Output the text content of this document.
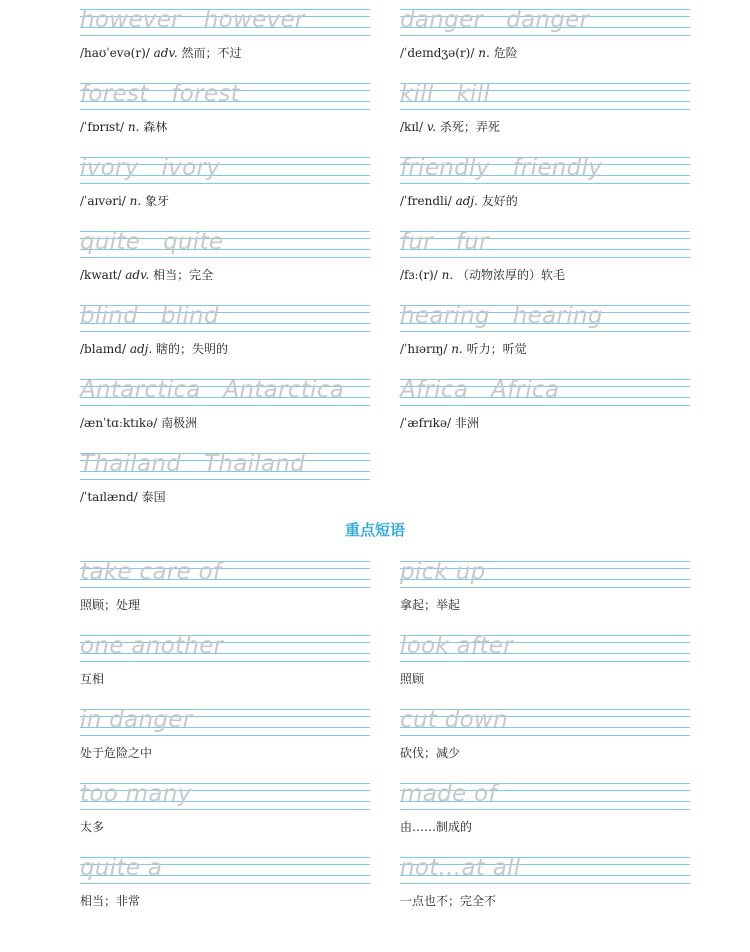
however   however
/haʊˈevə(r)/ adv. 然而；不过
forest   forest
/ˈfɒrɪst/ n. 森林
ivory   ivory
/ˈaɪvəri/ n. 象牙
quite   quite
/kwaɪt/ adv. 相当；完全
blind   blind
/blaɪnd/ adj. 瞎的；失明的
Antarctica   Antarctica
/ænˈtɑːktɪkə/ 南极洲
Thailand   Thailand
/ˈtaɪlænd/ 泰国
danger   danger
/ˈdeɪndʒə(r)/ n. 危险
kill   kill
/kɪl/ v. 杀死；弄死
friendly   friendly
/ˈfrendli/ adj. 友好的
fur   fur
/fɜː(r)/ n. （动物浓厚的）软毛
hearing   hearing
/ˈhɪərɪŋ/ n. 听力；听觉
Africa   Africa
/ˈæfrɪkə/ 非洲
重点短语
take care of
照顾；处理
one another
互相
in danger
处于危险之中
too many
太多
quite a
相当；非常
pick up
拿起；举起
look after
照顾
cut down
砍伐；减少
made of
由……制成的
not...at all
一点也不；完全不
